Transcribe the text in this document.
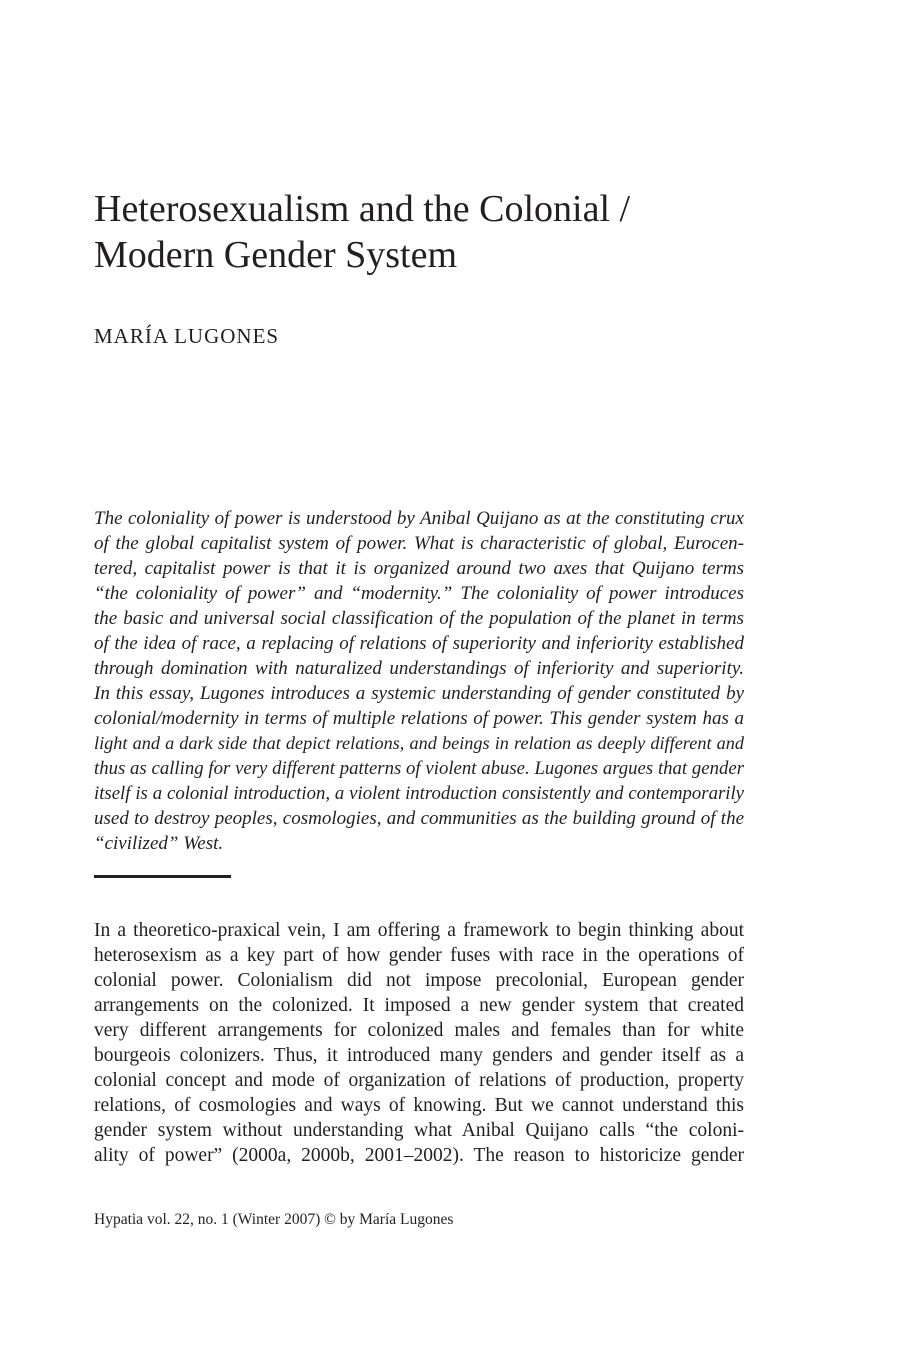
Heterosexualism and the Colonial /
Modern Gender System
MARÍA LUGONES
The coloniality of power is understood by Anibal Quijano as at the constituting crux
of the global capitalist system of power. What is characteristic of global, Eurocen-
tered, capitalist power is that it is organized around two axes that Quijano terms
“the coloniality of power” and “modernity.” The coloniality of power introduces
the basic and universal social classification of the population of the planet in terms
of the idea of race, a replacing of relations of superiority and inferiority established
through domination with naturalized understandings of inferiority and superiority.
In this essay, Lugones introduces a systemic understanding of gender constituted by
colonial/modernity in terms of multiple relations of power. This gender system has a
light and a dark side that depict relations, and beings in relation as deeply different and
thus as calling for very different patterns of violent abuse. Lugones argues that gender
itself is a colonial introduction, a violent introduction consistently and contemporarily
used to destroy peoples, cosmologies, and communities as the building ground of the
“civilized” West.
In a theoretico-praxical vein, I am offering a framework to begin thinking about
heterosexism as a key part of how gender fuses with race in the operations of
colonial power. Colonialism did not impose precolonial, European gender
arrangements on the colonized. It imposed a new gender system that created
very different arrangements for colonized males and females than for white
bourgeois colonizers. Thus, it introduced many genders and gender itself as a
colonial concept and mode of organization of relations of production, property
relations, of cosmologies and ways of knowing. But we cannot understand this
gender system without understanding what Anibal Quijano calls “the coloni-
ality of power” (2000a, 2000b, 2001–2002). The reason to historicize gender
Hypatia vol. 22, no. 1 (Winter 2007) © by María Lugones
